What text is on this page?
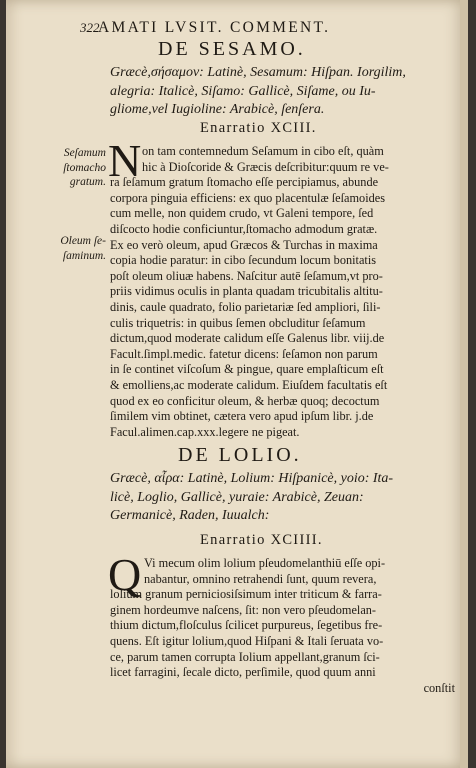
322
AMATI LVSIT. COMMENT.
DE SESAMO.
Græcè,σήσαμον: Latinè, Sesamum: Hiſpan. Iorgilim,
alegria: Italicè, Siſamo: Gallicè, Siſame, ou Iu-
gliome,vel Iugioline: Arabicè, ſenſera.
Enarratio XCIII.
Seſamum ſtomacho gratum.
Oleum ſe- ſaminum.
N on tam contemnedum Seſamum in cibo eſt, quàm
hic à Dioſcoride & Græcis deſcribitur:quum re ve-
ra ſeſamum gratum ſtomacho eſſe percipiamus, abunde
corpora pinguia efficiens: ex quo placentulæ ſeſamoides
cum melle, non quidem crudo, vt Galeni tempore, ſed
diſcocto hodie conficiuntur,ſtomacho admodum gratæ.
Ex eo verò oleum, apud Græcos & Turchas in maxima
copia hodie paratur: in cibo ſecundum locum bonitatis
poſt oleum oliuæ habens. Naſcitur autē ſeſamum,vt pro-
priis vidimus oculis in planta quadam tricubitalis altitu-
dinis, caule quadrato, folio parietariæ ſed ampliori, ſili-
culis triquetris: in quibus ſemen obcluditur ſeſamum
dictum,quod moderate calidum eſſe Galenus libr. viij.de
Facult.ſimpl.medic. fatetur dicens: ſeſamon non parum
in ſe continet viſcoſum & pingue, quare emplaſticum eſt
& emolliens,ac moderate calidum. Eiuſdem facultatis eſt
quod ex eo conficitur oleum, & herbæ quoq; decoctum
ſimilem vim obtinet, cætera vero apud ipſum libr. j.de
Facul.alimen.cap.xxx.legere ne pigeat.
DE LOLIO.
Græcè, αἶρα: Latinè, Lolium: Hiſpanicè, yoio: Ita-
licè, Loglio, Gallicè, yuraie: Arabicè, Zeuan:
Germanicè, Raden, Iuualch:
Enarratio XCIIII.
Q Vi mecum olim lolium pſeudomelanthiū eſſe opi-
nabantur, omnino retrahendi ſunt, quum revera,
lolium granum perniciosiſsimum inter triticum & farra-
ginem hordeumve naſcens, ſit: non vero pſeudomelan-
thium dictum,floſculus ſcilicet purpureus, ſegetibus fre-
quens. Eſt igitur lolium,quod Hiſpani & Itali ſeruata vo-
ce, parum tamen corrupta Iolium appellant,granum ſci-
licet farragini, ſecale dicto, perſimile, quod quum anni
conſtit
